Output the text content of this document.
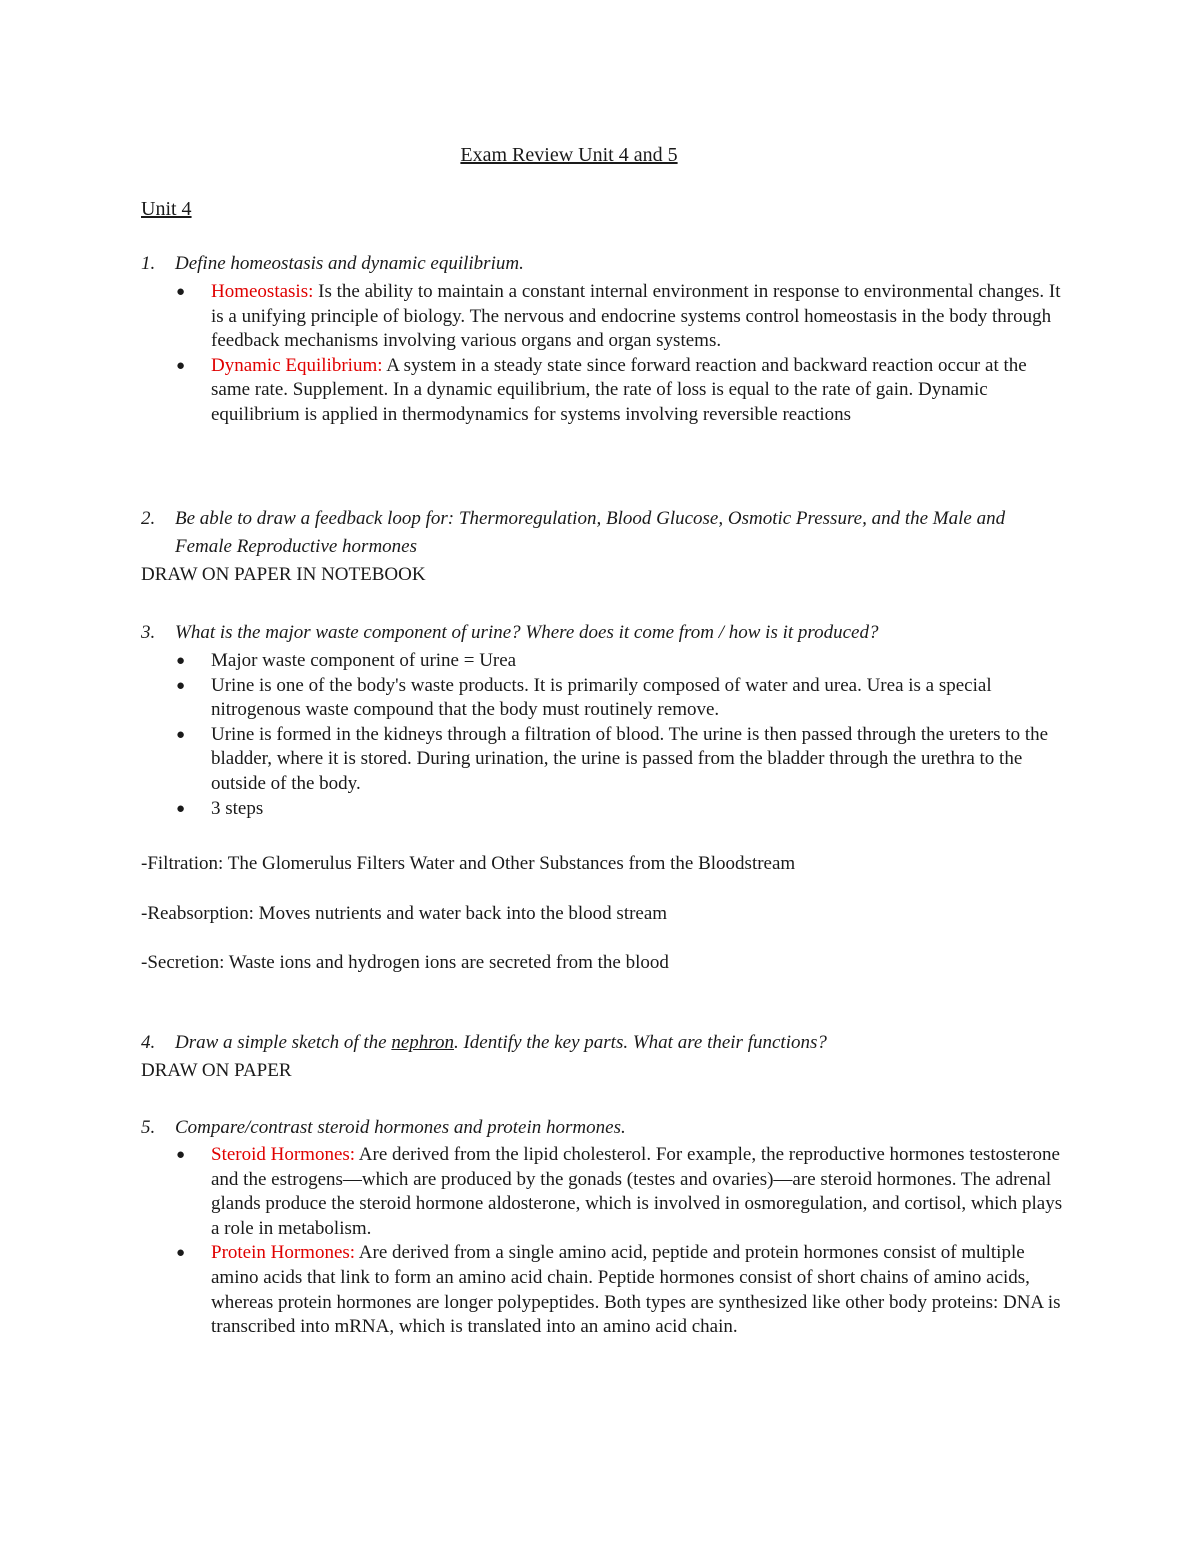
Exam Review Unit 4 and 5
Unit 4
1.	Define homeostasis and dynamic equilibrium.
● Homeostasis: Is the ability to maintain a constant internal environment in response to environmental changes. It is a unifying principle of biology. The nervous and endocrine systems control homeostasis in the body through feedback mechanisms involving various organs and organ systems.
● Dynamic Equilibrium: A system in a steady state since forward reaction and backward reaction occur at the same rate. Supplement. In a dynamic equilibrium, the rate of loss is equal to the rate of gain. Dynamic equilibrium is applied in thermodynamics for systems involving reversible reactions
2.	Be able to draw a feedback loop for: Thermoregulation, Blood Glucose, Osmotic Pressure, and the Male and Female Reproductive hormones
DRAW ON PAPER IN NOTEBOOK
3.	What is the major waste component of urine? Where does it come from / how is it produced?
● Major waste component of urine = Urea
● Urine is one of the body's waste products. It is primarily composed of water and urea. Urea is a special nitrogenous waste compound that the body must routinely remove.
● Urine is formed in the kidneys through a filtration of blood. The urine is then passed through the ureters to the bladder, where it is stored. During urination, the urine is passed from the bladder through the urethra to the outside of the body.
● 3 steps
-Filtration: The Glomerulus Filters Water and Other Substances from the Bloodstream
-Reabsorption: Moves nutrients and water back into the blood stream
-Secretion: Waste ions and hydrogen ions are secreted from the blood
4.	Draw a simple sketch of the nephron. Identify the key parts. What are their functions?
DRAW ON PAPER
5.	Compare/contrast steroid hormones and protein hormones.
● Steroid Hormones: Are derived from the lipid cholesterol. For example, the reproductive hormones testosterone and the estrogens—which are produced by the gonads (testes and ovaries)—are steroid hormones. The adrenal glands produce the steroid hormone aldosterone, which is involved in osmoregulation, and cortisol, which plays a role in metabolism.
● Protein Hormones: Are derived from a single amino acid, peptide and protein hormones consist of multiple amino acids that link to form an amino acid chain. Peptide hormones consist of short chains of amino acids, whereas protein hormones are longer polypeptides. Both types are synthesized like other body proteins: DNA is transcribed into mRNA, which is translated into an amino acid chain.
